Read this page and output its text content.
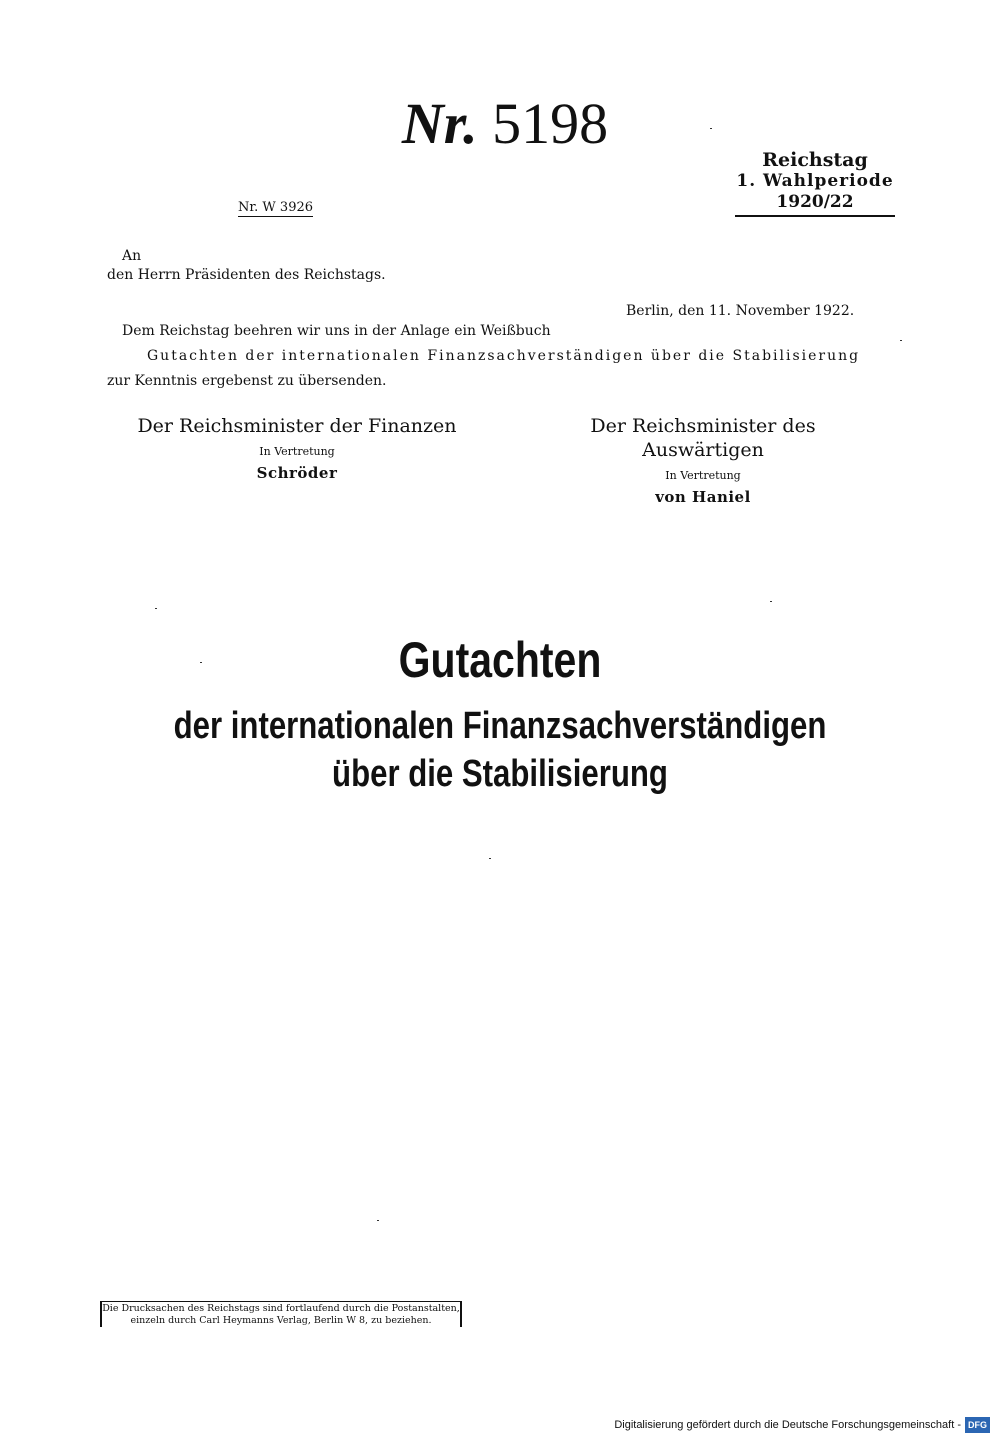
Nr. 5198
Reichstag
1. Wahlperiode
1920/22
Nr. W 3926
An
den Herrn Präsidenten des Reichstags.
Berlin, den 11. November 1922.
Dem Reichstag beehren wir uns in der Anlage ein Weißbuch
Gutachten der internationalen Finanzsachverständigen über die Stabilisierung
zur Kenntnis ergebenst zu übersenden.
Der Reichsminister der Finanzen
In Vertretung
Schröder
Der Reichsminister des Auswärtigen
In Vertretung
von Haniel
Gutachten
der internationalen Finanzsachverständigen
über die Stabilisierung
Die Drucksachen des Reichstags sind fortlaufend durch die Postanstalten,
einzeln durch Carl Heymanns Verlag, Berlin W 8, zu beziehen.
Digitalisierung gefördert durch die Deutsche Forschungsgemeinschaft - DFG
